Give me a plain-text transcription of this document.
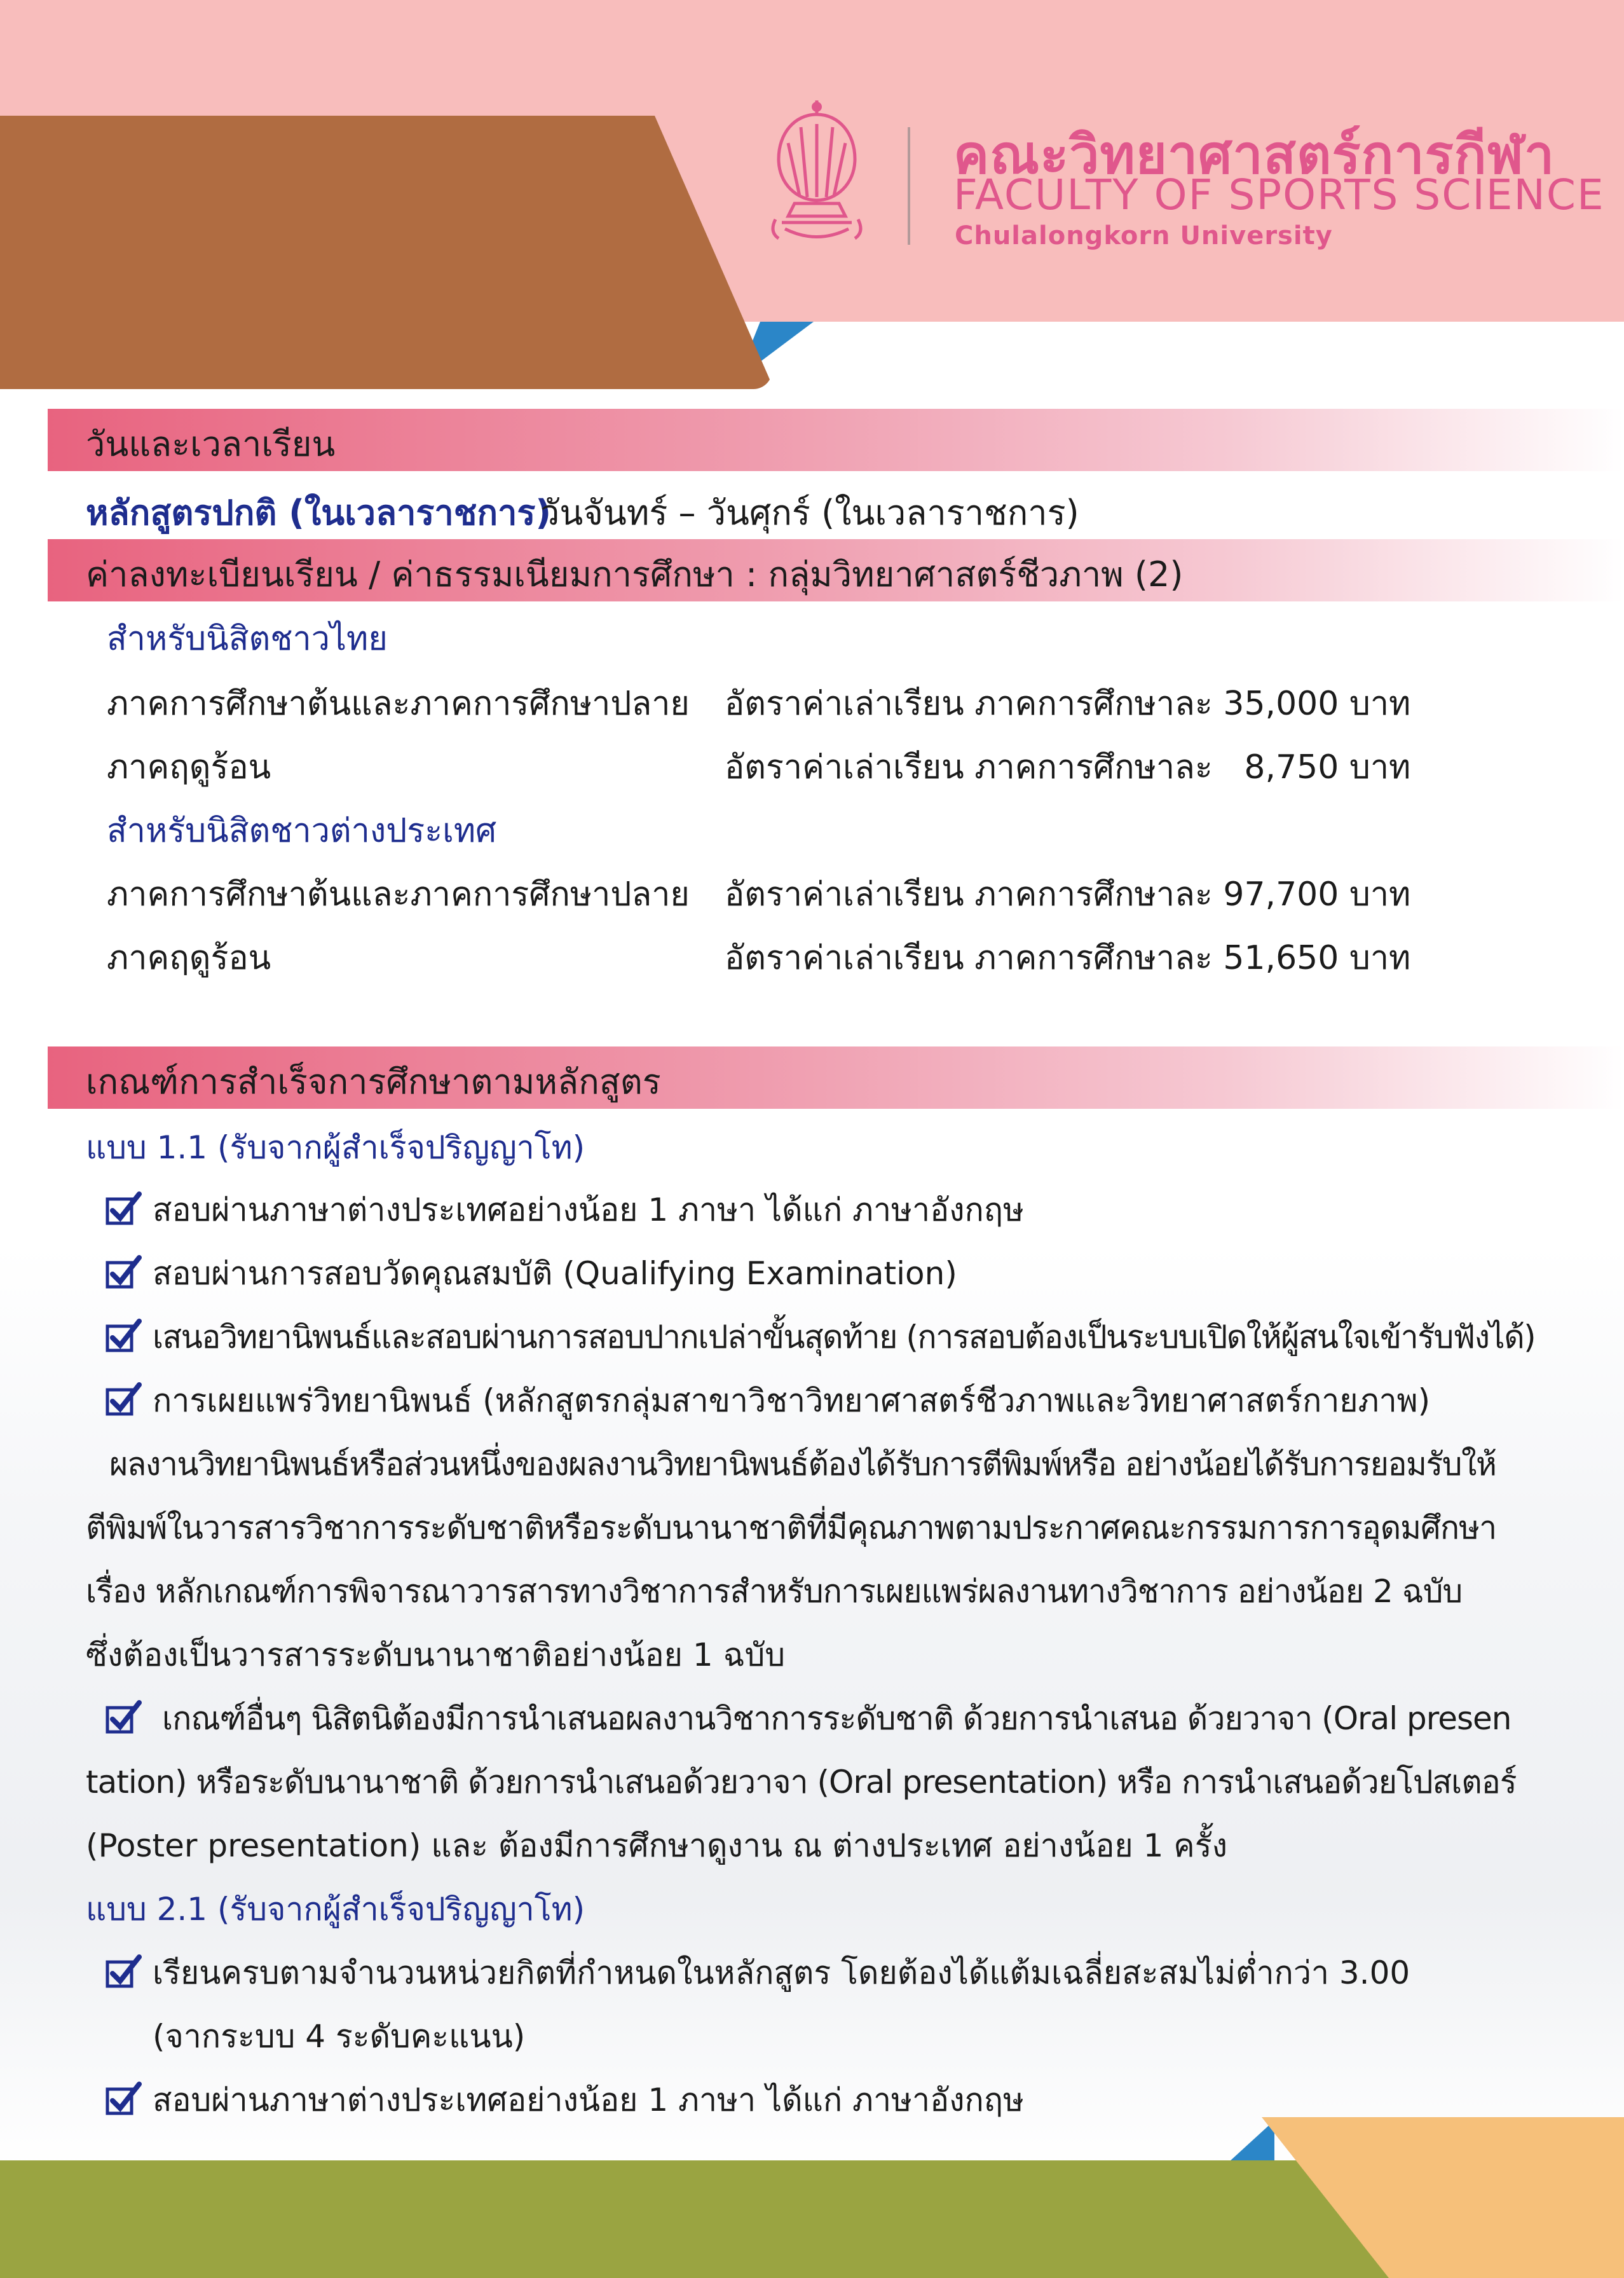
คณะวิทยาศาสตร์การกีฬา
FACULTY OF SPORTS SCIENCE
Chulalongkorn University
วันและเวลาเรียน
หลักสูตรปกติ (ในเวลาราชการ)
วันจันทร์ – วันศุกร์ (ในเวลาราชการ)
ค่าลงทะเบียนเรียน / ค่าธรรมเนียมการศึกษา : กลุ่มวิทยาศาสตร์ชีวภาพ (2)
สำหรับนิสิตชาวไทย
ภาคการศึกษาต้นและภาคการศึกษาปลาย อัตราค่าเล่าเรียน ภาคการศึกษาละ 35,000 บาท
ภาคฤดูร้อน	อัตราค่าเล่าเรียน ภาคการศึกษาละ   8,750 บาท
สำหรับนิสิตชาวต่างประเทศ
ภาคการศึกษาต้นและภาคการศึกษาปลาย อัตราค่าเล่าเรียน ภาคการศึกษาละ 97,700 บาท
ภาคฤดูร้อน	อัตราค่าเล่าเรียน ภาคการศึกษาละ 51,650 บาท
เกณฑ์การสำเร็จการศึกษาตามหลักสูตร
แบบ 1.1 (รับจากผู้สำเร็จปริญญาโท)
สอบผ่านภาษาต่างประเทศอย่างน้อย 1 ภาษา ได้แก่ ภาษาอังกฤษ
สอบผ่านการสอบวัดคุณสมบัติ (Qualifying Examination)
เสนอวิทยานิพนธ์และสอบผ่านการสอบปากเปล่าขั้นสุดท้าย (การสอบต้องเป็นระบบเปิดให้ผู้สนใจเข้ารับฟังได้)
การเผยแพร่วิทยานิพนธ์ (หลักสูตรกลุ่มสาขาวิชาวิทยาศาสตร์ชีวภาพและวิทยาศาสตร์กายภาพ)
ผลงานวิทยานิพนธ์หรือส่วนหนึ่งของผลงานวิทยานิพนธ์ต้องได้รับการตีพิมพ์หรือ อย่างน้อยได้รับการยอมรับให้
ตีพิมพ์ในวารสารวิชาการระดับชาติหรือระดับนานาชาติที่มีคุณภาพตามประกาศคณะกรรมการการอุดมศึกษา
เรื่อง หลักเกณฑ์การพิจารณาวารสารทางวิชาการสำหรับการเผยแพร่ผลงานทางวิชาการ อย่างน้อย 2 ฉบับ
ซึ่งต้องเป็นวารสารระดับนานาชาติอย่างน้อย 1 ฉบับ
เกณฑ์อื่นๆ นิสิตนิต้องมีการนำเสนอผลงานวิชาการระดับชาติ ด้วยการนำเสนอ ด้วยวาจา (Oral presen
tation) หรือระดับนานาชาติ ด้วยการนำเสนอด้วยวาจา (Oral presentation) หรือ การนำเสนอด้วยโปสเตอร์
(Poster presentation) และ ต้องมีการศึกษาดูงาน ณ ต่างประเทศ อย่างน้อย 1 ครั้ง
แบบ 2.1 (รับจากผู้สำเร็จปริญญาโท)
เรียนครบตามจำนวนหน่วยกิตที่กำหนดในหลักสูตร โดยต้องได้แต้มเฉลี่ยสะสมไม่ต่ำกว่า 3.00
(จากระบบ 4 ระดับคะแนน)
สอบผ่านภาษาต่างประเทศอย่างน้อย 1 ภาษา ได้แก่ ภาษาอังกฤษ
